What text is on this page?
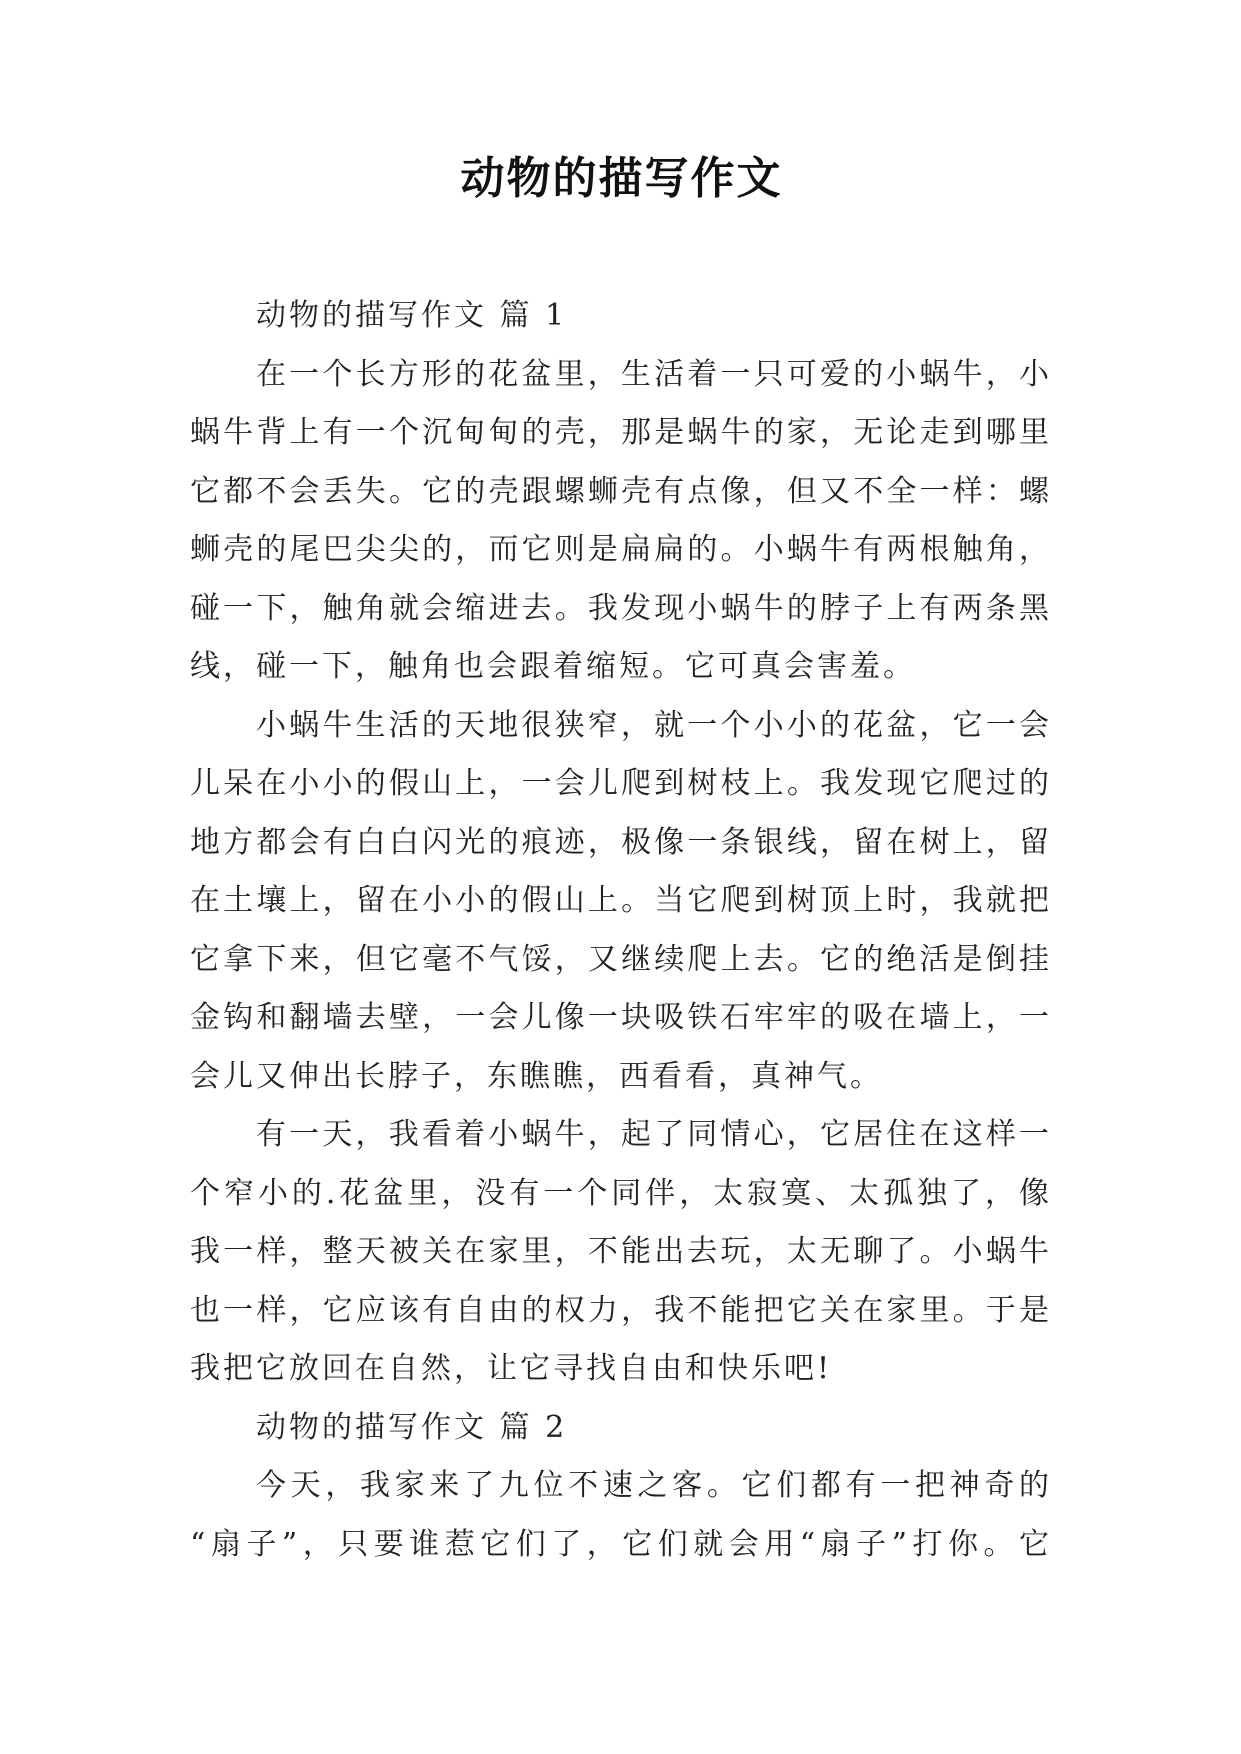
动物的描写作文
动物的描写作文 篇 1
在一个长方形的花盆里，生活着一只可爱的小蜗牛，小
蜗牛背上有一个沉甸甸的壳，那是蜗牛的家，无论走到哪里
它都不会丢失。它的壳跟螺蛳壳有点像，但又不全一样：螺
蛳壳的尾巴尖尖的，而它则是扁扁的。小蜗牛有两根触角，
碰一下，触角就会缩进去。我发现小蜗牛的脖子上有两条黑
线，碰一下，触角也会跟着缩短。它可真会害羞。
小蜗牛生活的天地很狭窄，就一个小小的花盆，它一会
儿呆在小小的假山上，一会儿爬到树枝上。我发现它爬过的
地方都会有白白闪光的痕迹，极像一条银线，留在树上，留
在土壤上，留在小小的假山上。当它爬到树顶上时，我就把
它拿下来，但它毫不气馁，又继续爬上去。它的绝活是倒挂
金钩和翻墙去壁，一会儿像一块吸铁石牢牢的吸在墙上，一
会儿又伸出长脖子，东瞧瞧，西看看，真神气。
有一天，我看着小蜗牛，起了同情心，它居住在这样一
个窄小的.花盆里，没有一个同伴，太寂寞、太孤独了，像
我一样，整天被关在家里，不能出去玩，太无聊了。小蜗牛
也一样，它应该有自由的权力，我不能把它关在家里。于是
我把它放回在自然，让它寻找自由和快乐吧!
动物的描写作文 篇 2
今天，我家来了九位不速之客。它们都有一把神奇的
“扇子”，只要谁惹它们了，它们就会用“扇子”打你。它
